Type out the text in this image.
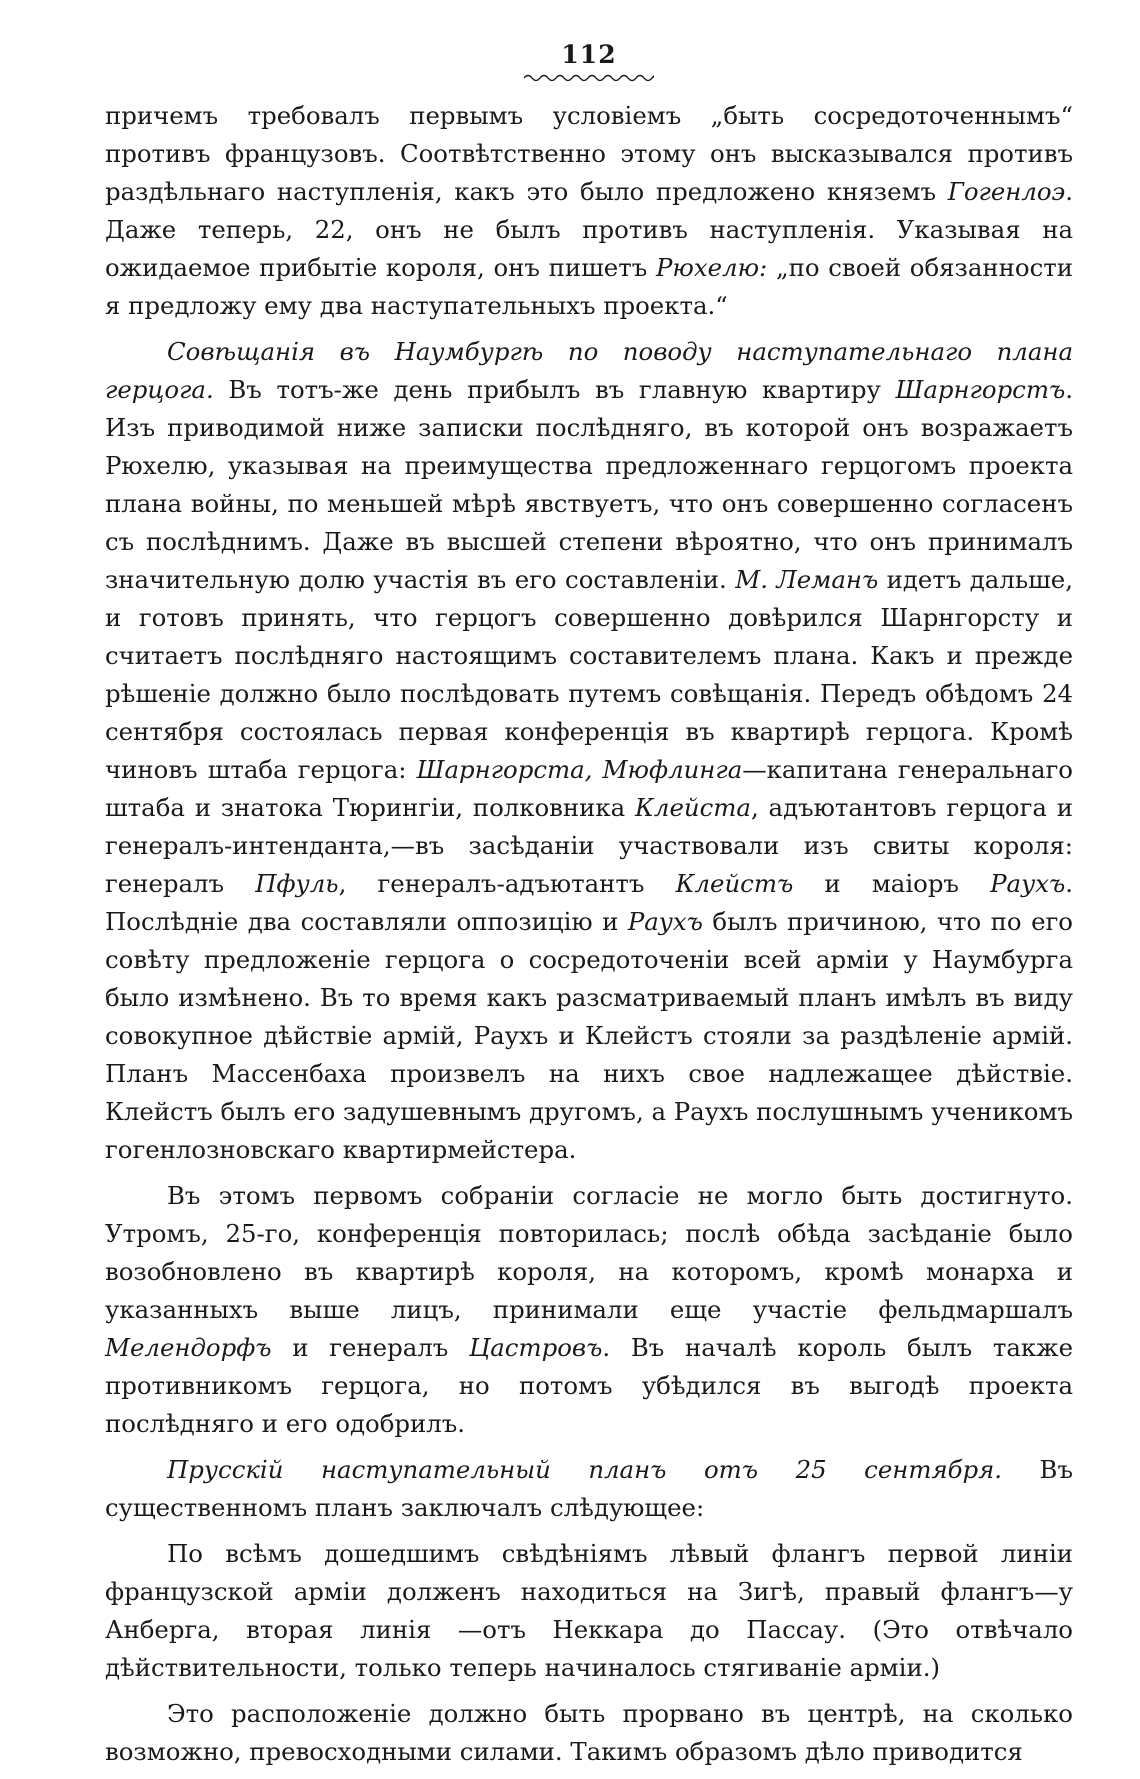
112

причемъ требовалъ первымъ условіемъ „быть сосредоточеннымъ“ противъ французовъ. Соотвѣтственно этому онъ высказывался противъ раздѣльнаго наступленія, какъ это было предложено княземъ Гогенлоэ. Даже теперь, 22, онъ не былъ противъ наступленія. Указывая на ожидаемое прибытіе короля, онъ пишетъ Рюхелю: „по своей обязанности я предложу ему два наступательныхъ проекта.“

Совѣщанія въ Наумбургѣ по поводу наступательнаго плана герцога. Въ тотъ-же день прибылъ въ главную квартиру Шарнгорстъ. Изъ приводимой ниже записки послѣдняго, въ которой онъ возражаетъ Рюхелю, указывая на преимущества предложеннаго герцогомъ проекта плана войны, по меньшей мѣрѣ явствуетъ, что онъ совершенно согласенъ съ послѣднимъ. Даже въ высшей степени вѣроятно, что онъ принималъ значительную долю участія въ его составленіи. М. Леманъ идетъ дальше, и готовъ принять, что герцогъ совершенно довѣрился Шарнгорсту и считаетъ послѣдняго настоящимъ составителемъ плана. Какъ и прежде рѣшеніе должно было послѣдовать путемъ совѣщанія. Передъ обѣдомъ 24 сентября состоялась первая конференція въ квартирѣ герцога. Кромѣ чиновъ штаба герцога: Шарнгорста, Мюфлинга—капитана генеральнаго штаба и знатока Тюрингіи, полковника Клейста, адъютантовъ герцога и генералъ-интенданта,—въ засѣданіи участвовали изъ свиты короля: генералъ Пфуль, генералъ-адъютантъ Клейстъ и маіоръ Раухъ. Послѣдніе два составляли оппозицію и Раухъ былъ причиною, что по его совѣту предложеніе герцога о сосредоточеніи всей арміи у Наумбурга было измѣнено. Въ то время какъ разсматриваемый планъ имѣлъ въ виду совокупное дѣйствіе армій, Раухъ и Клейстъ стояли за раздѣленіе армій. Планъ Массенбаха произвелъ на нихъ свое надлежащее дѣйствіе. Клейстъ былъ его задушевнымъ другомъ, а Раухъ послушнымъ ученикомъ гогенлозновскаго квартирмейстера.

Въ этомъ первомъ собраніи согласіе не могло быть достигнуто. Утромъ, 25-го, конференція повторилась; послѣ обѣда засѣданіе было возобновлено въ квартирѣ короля, на которомъ, кромѣ монарха и указанныхъ выше лицъ, принимали еще участіе фельдмаршалъ Мелендорфъ и генералъ Цастровъ. Въ началѣ король былъ также противникомъ герцога, но потомъ убѣдился въ выгодѣ проекта послѣдняго и его одобрилъ.

Прусскій наступательный планъ отъ 25 сентября. Въ существенномъ планъ заключалъ слѣдующее:

По всѣмъ дошедшимъ свѣдѣніямъ лѣвый флангъ первой линіи французской арміи долженъ находиться на Зигѣ, правый флангъ—у Анберга, вторая линія —отъ Неккара до Пассау. (Это отвѣчало дѣйствительности, только теперь начиналось стягиваніе арміи.)

Это расположеніе должно быть прорвано въ центрѣ, на сколько возможно, превосходными силами. Такимъ образомъ дѣло приводится
